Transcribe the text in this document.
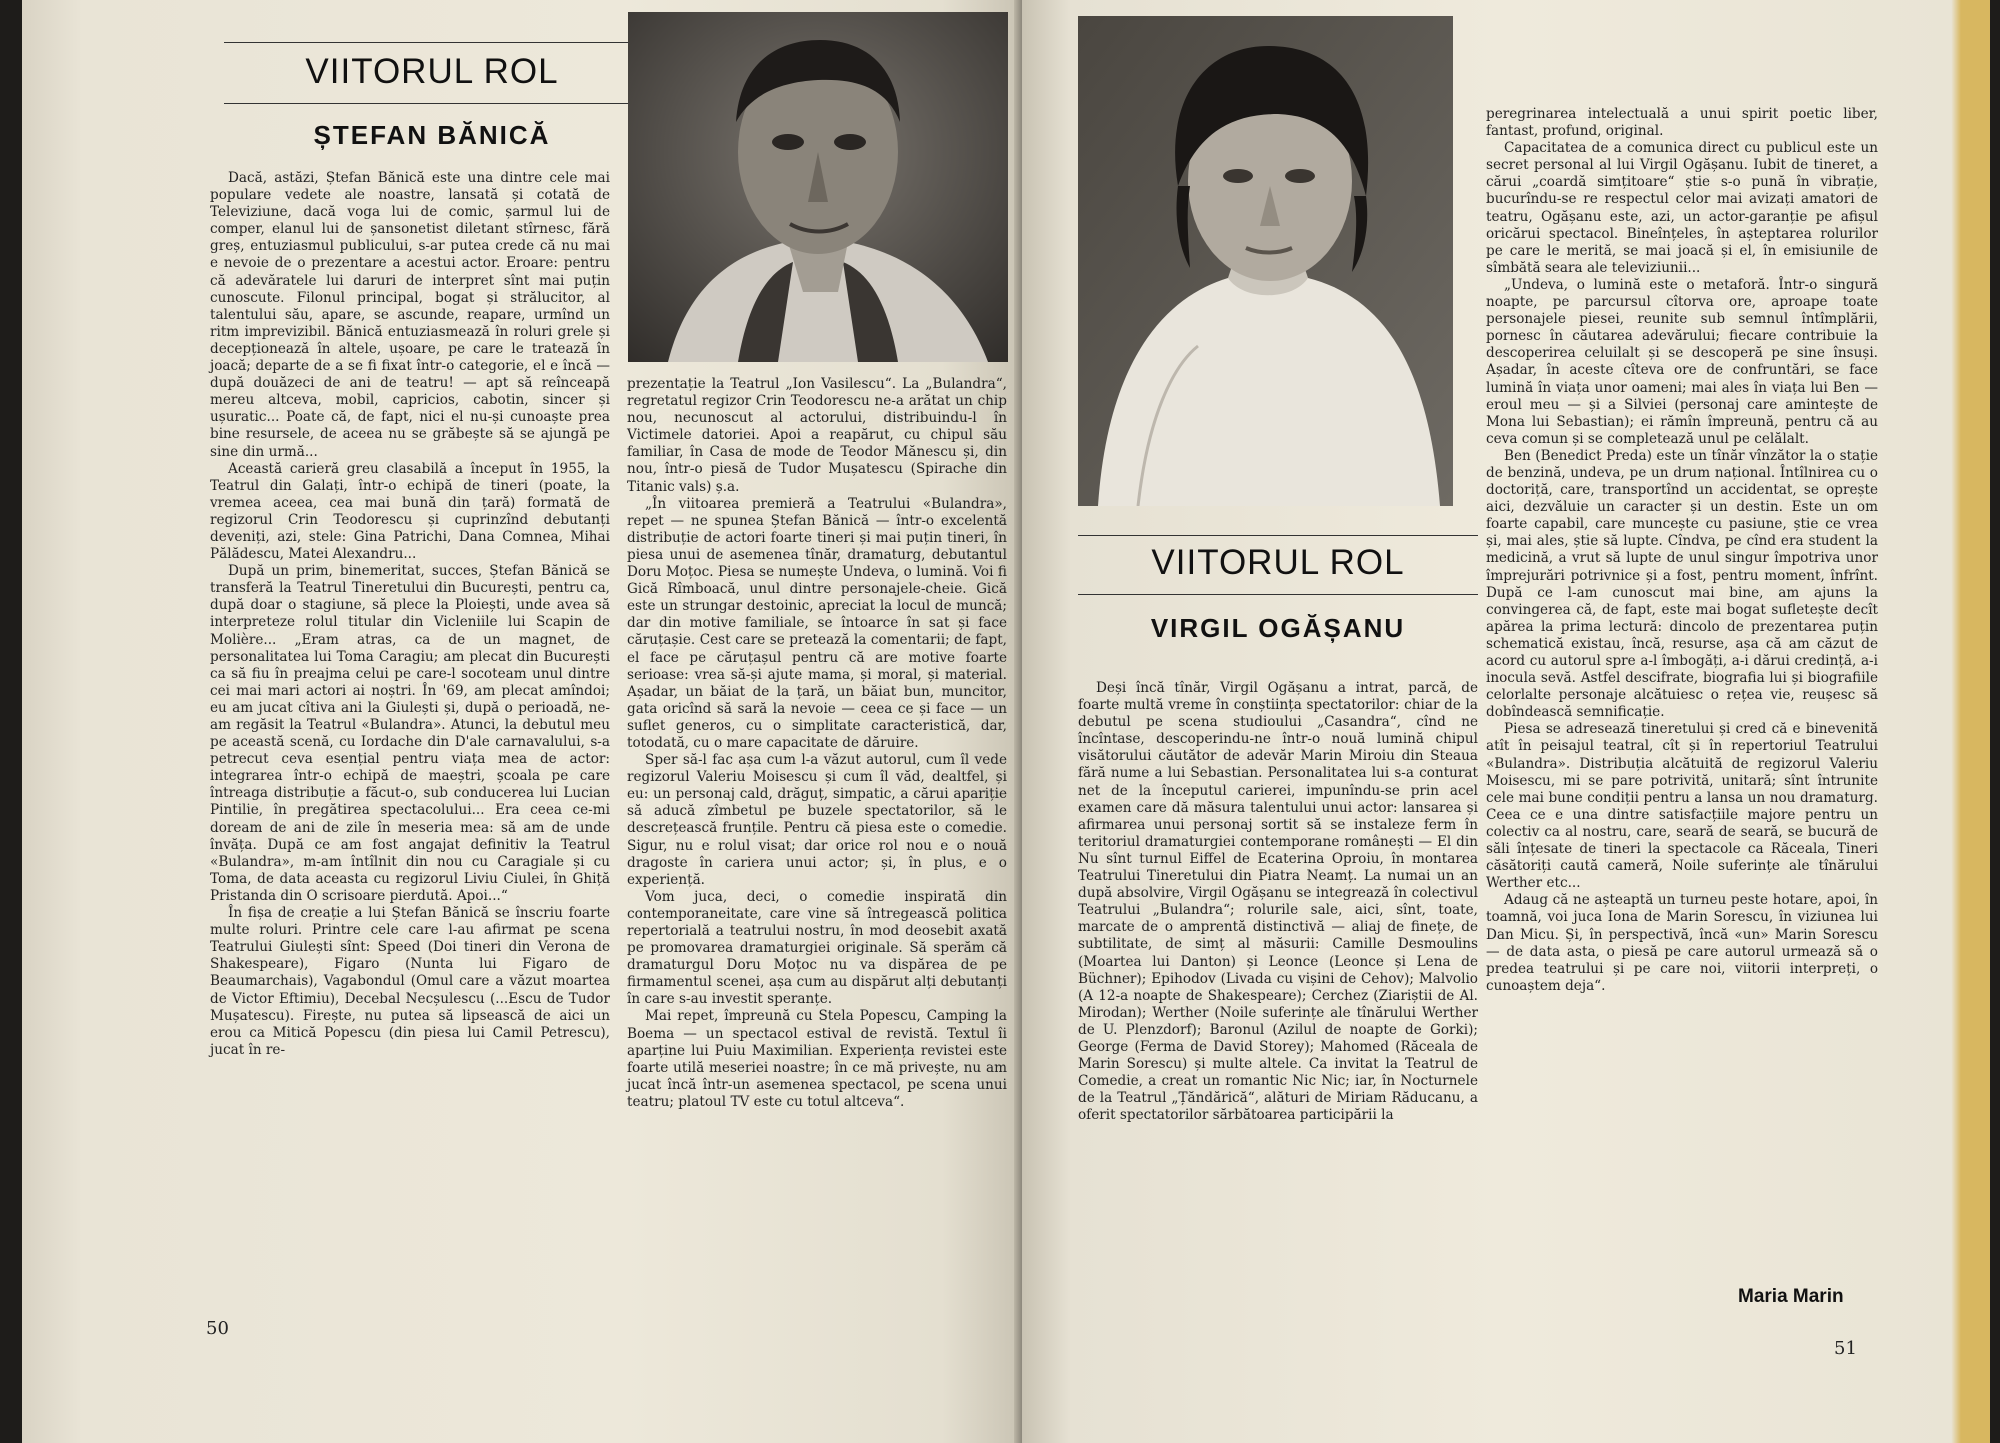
VIITORUL ROL
ȘTEFAN BĂNICĂ

Dacă, astăzi, Ștefan Bănică este una dintre cele mai populare vedete ale noastre, lansată și cotată de Televiziune, dacă voga lui de comic, șarmul lui de comper, elanul lui de șansonetist diletant stîrnesc, fără greș, entuziasmul publicului, s-ar putea crede că nu mai e nevoie de o prezentare a acestui actor. Eroare: pentru că adevăratele lui daruri de interpret sînt mai puțin cunoscute. Filonul principal, bogat și strălucitor, al talentului său, apare, se ascunde, reapare, urmînd un ritm imprevizibil. Bănică entuziasmează în roluri grele și decepționează în altele, ușoare, pe care le tratează în joacă; departe de a se fi fixat într-o categorie, el e încă — după douăzeci de ani de teatru! — apt să reînceapă mereu altceva, mobil, capricios, cabotin, sincer și ușuratic... Poate că, de fapt, nici el nu-și cunoaște prea bine resursele, de aceea nu se grăbește să se ajungă pe sine din urmă...

Această carieră greu clasabilă a început în 1955, la Teatrul din Galați, într-o echipă de tineri (poate, la vremea aceea, cea mai bună din țară) formată de regizorul Crin Teodorescu și cuprinzînd debutanți deveniți, azi, stele: Gina Patrichi, Dana Comnea, Mihai Pălădescu, Matei Alexandru...

După un prim, binemeritat, succes, Ștefan Bănică se transferă la Teatrul Tineretului din București, pentru ca, după doar o stagiune, să plece la Ploiești, unde avea să interpreteze rolul titular din Vicleniile lui Scapin de Molière... „Eram atras, ca de un magnet, de personalitatea lui Toma Caragiu; am plecat din București ca să fiu în preajma celui pe care-l socoteam unul dintre cei mai mari actori ai noștri. În '69, am plecat amîndoi; eu am jucat cîtiva ani la Giulești și, după o perioadă, ne-am regăsit la Teatrul «Bulandra». Atunci, la debutul meu pe această scenă, cu Iordache din D'ale carnavalului, s-a petrecut ceva esențial pentru viața mea de actor: integrarea într-o echipă de maeștri, școala pe care întreaga distribuție a făcut-o, sub conducerea lui Lucian Pintilie, în pregătirea spectacolului... Era ceea ce-mi doream de ani de zile în meseria mea: să am de unde învăța. După ce am fost angajat definitiv la Teatrul «Bulandra», m-am întîlnit din nou cu Caragiale și cu Toma, de data aceasta cu regizorul Liviu Ciulei, în Ghiță Pristanda din O scrisoare pierdută. Apoi...“

În fișa de creație a lui Ștefan Bănică se înscriu foarte multe roluri. Printre cele care l-au afirmat pe scena Teatrului Giulești sînt: Speed (Doi tineri din Verona de Shakespeare), Figaro (Nunta lui Figaro de Beaumarchais), Vagabondul (Omul care a văzut moartea de Victor Eftimiu), Decebal Necșulescu (...Escu de Tudor Mușatescu). Firește, nu putea să lipsească de aici un erou ca Mitică Popescu (din piesa lui Camil Petrescu), jucat în re-

prezentație la Teatrul „Ion Vasilescu“. La „Bulandra“, regretatul regizor Crin Teodorescu ne-a arătat un chip nou, necunoscut al actorului, distribuindu-l în Victimele datoriei. Apoi a reapărut, cu chipul său familiar, în Casa de mode de Teodor Mănescu și, din nou, într-o piesă de Tudor Mușatescu (Spirache din Titanic vals) ș.a.

„În viitoarea premieră a Teatrului «Bulandra», repet — ne spunea Ștefan Bănică — într-o excelentă distribuție de actori foarte tineri și mai puțin tineri, în piesa unui de asemenea tînăr, dramaturg, debutantul Doru Moțoc. Piesa se numește Undeva, o lumină. Voi fi Gică Rîmboacă, unul dintre personajele-cheie. Gică este un strungar destoinic, apreciat la locul de muncă; dar din motive familiale, se întoarce în sat și face căruțașie. Cest care se pretează la comentarii; de fapt, el face pe căruțașul pentru că are motive foarte serioase: vrea să-și ajute mama, și moral, și material. Așadar, un băiat de la țară, un băiat bun, muncitor, gata oricînd să sară la nevoie — ceea ce și face — un suflet generos, cu o simplitate caracteristică, dar, totodată, cu o mare capacitate de dăruire.

Sper să-l fac așa cum l-a văzut autorul, cum îl vede regizorul Valeriu Moisescu și cum îl văd, dealtfel, și eu: un personaj cald, drăguț, simpatic, a cărui apariție să aducă zîmbetul pe buzele spectatorilor, să le descrețească frunțile. Pentru că piesa este o comedie. Sigur, nu e rolul visat; dar orice rol nou e o nouă dragoste în cariera unui actor; și, în plus, e o experiență.

Vom juca, deci, o comedie inspirată din contemporaneitate, care vine să întregească politica repertorială a teatrului nostru, în mod deosebit axată pe promovarea dramaturgiei originale. Să sperăm că dramaturgul Doru Moțoc nu va dispărea de pe firmamentul scenei, așa cum au dispărut alți debutanți în care s-au investit speranțe.

Mai repet, împreună cu Stela Popescu, Camping la Boema — un spectacol estival de revistă. Textul îi aparține lui Puiu Maximilian. Experiența revistei este foarte utilă meseriei noastre; în ce mă privește, nu am jucat încă într-un asemenea spectacol, pe scena unui teatru; platoul TV este cu totul altceva“.

50
VIITORUL ROL
VIRGIL OGĂȘANU

Deși încă tînăr, Virgil Ogășanu a intrat, parcă, de foarte multă vreme în conștiința spectatorilor: chiar de la debutul pe scena studioului „Casandra“, cînd ne încîntase, descoperindu-ne într-o nouă lumină chipul visătorului căutător de adevăr Marin Miroiu din Steaua fără nume a lui Sebastian. Personalitatea lui s-a conturat net de la începutul carierei, impunîndu-se prin acel examen care dă măsura talentului unui actor: lansarea și afirmarea unui personaj sortit să se instaleze ferm în teritoriul dramaturgiei contemporane românești — El din Nu sînt turnul Eiffel de Ecaterina Oproiu, în montarea Teatrului Tineretului din Piatra Neamț. La numai un an după absolvire, Virgil Ogășanu se integrează în colectivul Teatrului „Bulandra“; rolurile sale, aici, sînt, toate, marcate de o amprentă distinctivă — aliaj de finețe, de subtilitate, de simț al măsurii: Camille Desmoulins (Moartea lui Danton) și Leonce (Leonce și Lena de Büchner); Epihodov (Livada cu vișini de Cehov); Malvolio (A 12-a noapte de Shakespeare); Cerchez (Ziariștii de Al. Mirodan); Werther (Noile suferințe ale tînărului Werther de U. Plenzdorf); Baronul (Azilul de noapte de Gorki); George (Ferma de David Storey); Mahomed (Răceala de Marin Sorescu) și multe altele. Ca invitat la Teatrul de Comedie, a creat un romantic Nic Nic; iar, în Nocturnele de la Teatrul „Țăndărică“, alături de Miriam Răducanu, a oferit spectatorilor sărbătoarea participării la

peregrinarea intelectuală a unui spirit poetic liber, fantast, profund, original.

Capacitatea de a comunica direct cu publicul este un secret personal al lui Virgil Ogășanu. Iubit de tineret, a cărui „coardă simțitoare“ știe s-o pună în vibrație, bucurîndu-se re respectul celor mai avizați amatori de teatru, Ogășanu este, azi, un actor-garanție pe afișul oricărui spectacol. Bineînțeles, în așteptarea rolurilor pe care le merită, se mai joacă și el, în emisiunile de sîmbătă seara ale televiziunii...

„Undeva, o lumină este o metaforă. Într-o singură noapte, pe parcursul cîtorva ore, aproape toate personajele piesei, reunite sub semnul întîmplării, pornesc în căutarea adevărului; fiecare contribuie la descoperirea celuilalt și se descoperă pe sine însuși. Așadar, în aceste cîteva ore de confruntări, se face lumină în viața unor oameni; mai ales în viața lui Ben — eroul meu — și a Silviei (personaj care amintește de Mona lui Sebastian); ei rămîn împreună, pentru că au ceva comun și se completează unul pe celălalt.

Ben (Benedict Preda) este un tînăr vînzător la o stație de benzină, undeva, pe un drum național. Întîlnirea cu o doctoriță, care, transportînd un accidentat, se oprește aici, dezvăluie un caracter și un destin. Este un om foarte capabil, care muncește cu pasiune, știe ce vrea și, mai ales, știe să lupte. Cîndva, pe cînd era student la medicină, a vrut să lupte de unul singur împotriva unor împrejurări potrivnice și a fost, pentru moment, înfrînt. După ce l-am cunoscut mai bine, am ajuns la convingerea că, de fapt, este mai bogat sufletește decît apărea la prima lectură: dincolo de prezentarea puțin schematică existau, încă, resurse, așa că am căzut de acord cu autorul spre a-l îmbogăți, a-i dărui credință, a-i inocula sevă. Astfel descifrate, biografia lui și biografiile celorlalte personaje alcătuiesc o rețea vie, reușesc să dobîndească semnificație.

Piesa se adresează tineretului și cred că e binevenită atît în peisajul teatral, cît și în repertoriul Teatrului «Bulandra». Distribuția alcătuită de regizorul Valeriu Moisescu, mi se pare potrivită, unitară; sînt întrunite cele mai bune condiții pentru a lansa un nou dramaturg. Ceea ce e una dintre satisfacțiile majore pentru un colectiv ca al nostru, care, seară de seară, se bucură de săli înțesate de tineri la spectacole ca Răceala, Tineri căsătoriți caută cameră, Noile suferințe ale tînărului Werther etc...

Adaug că ne așteaptă un turneu peste hotare, apoi, în toamnă, voi juca Iona de Marin Sorescu, în viziunea lui Dan Micu. Și, în perspectivă, încă «un» Marin Sorescu — de data asta, o piesă pe care autorul urmează să o predea teatrului și pe care noi, viitorii interpreți, o cunoaștem deja“.

Maria Marin
51
